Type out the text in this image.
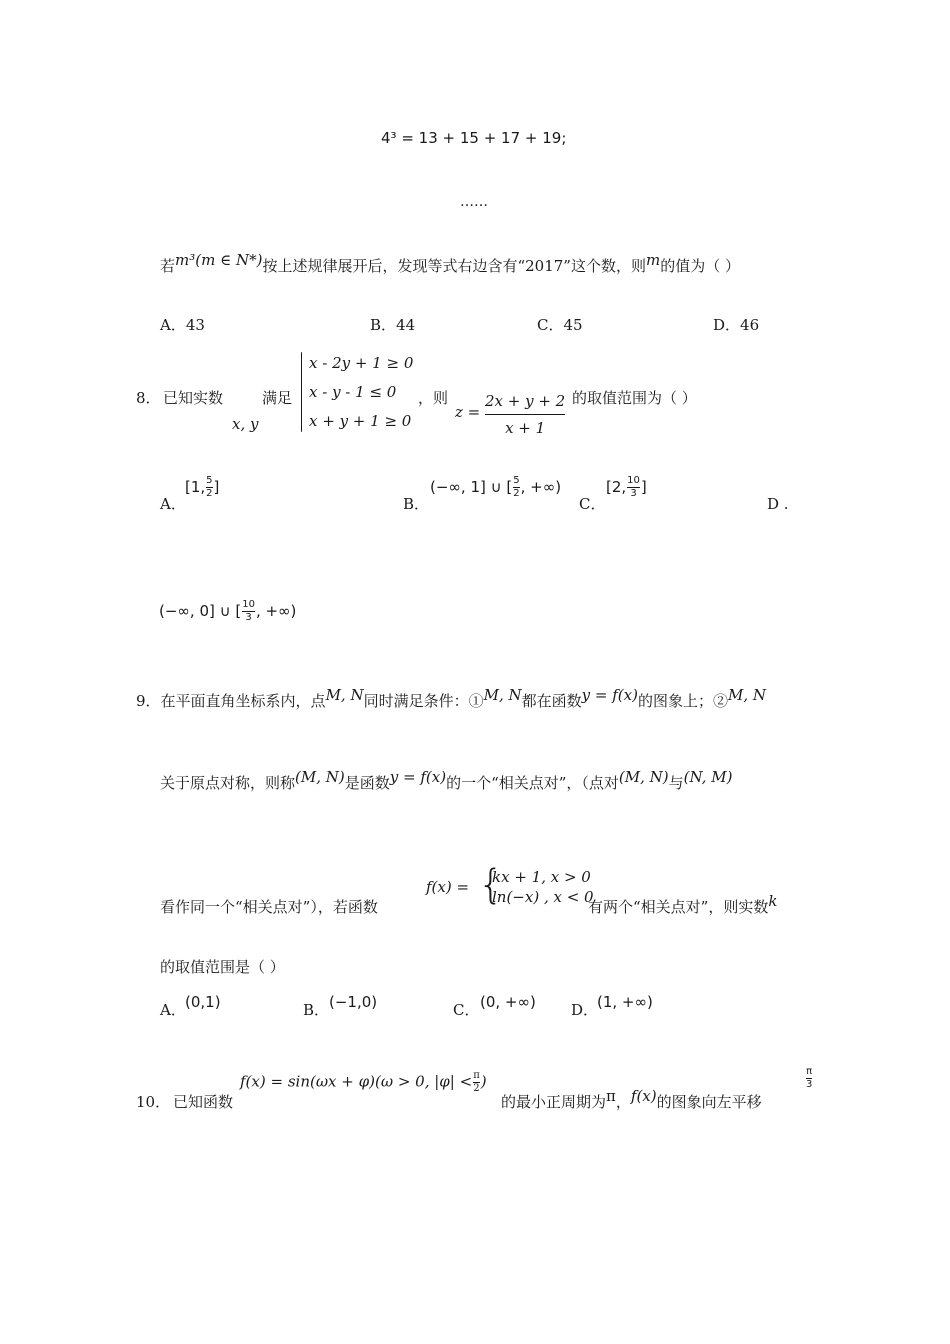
4³ = 13 + 15 + 17 + 19;
……
若m³(m ∈ N*)按上述规律展开后，发现等式右边含有“2017”这个数，则m的值为（ ）
A．43	B．44	C．45	D．46
8． 已知实数
x, y
满足
x - 2y + 1 ≥ 0
x - y - 1 ≤ 0
x + y + 1 ≥ 0
，则
z =
2x + y + 2
x + 1
的取值范围为（ ）
A．
[1, $\frac{5}{2}$ ]
B．
(−∞, 1] ∪ [ $\frac{5}{2}$ , +∞)
C．
[2, $\frac{10}{3}$ ]
D .
(−∞, 0] ∪ [ $\frac{10}{3}$ , +∞)
9．在平面直角坐标系内，点M, N同时满足条件：①M, N都在函数y = f(x)的图象上；②M, N
关于原点对称，则称(M, N)是函数y = f(x)的一个“相关点对”，（点对(M, N)与(N, M)
看作同一个“相关点对”），若函数
f(x) = {
kx + 1, x > 0
ln(−x) , x < 0
有两个“相关点对”，则实数k
的取值范围是（ ）
A． (0,1)	B． (−1,0)	C． (0, +∞) D．
(1, +∞)
10． 已知函数
f(x) = sin(ωx + φ)(ω > 0, $|\varphi| < \frac{\pi}{2}$ )
的最小正周期为π，f(x)的图象向左平移
$\frac{\pi}{3}$
